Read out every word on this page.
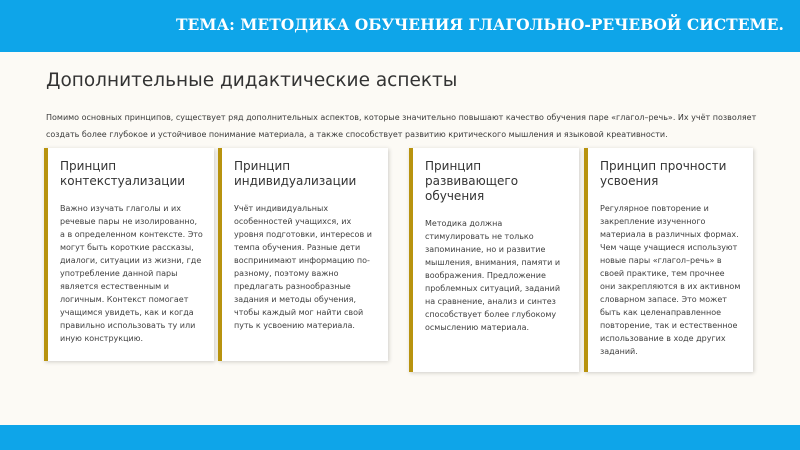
ТЕМА: МЕТОДИКА ОБУЧЕНИЯ ГЛАГОЛЬНО-РЕЧЕВОЙ СИСТЕМЕ.
Дополнительные дидактические аспекты
Помимо основных принципов, существует ряд дополнительных аспектов, которые значительно повышают качество обучения паре «глагол–речь». Их учёт позволяет создать более глубокое и устойчивое понимание материала, а также способствует развитию критического мышления и языковой креативности.
Принцип контекстуализации
Важно изучать глаголы и их речевые пары не изолированно, а в определенном контексте. Это могут быть короткие рассказы, диалоги, ситуации из жизни, где употребление данной пары является естественным и логичным. Контекст помогает учащимся увидеть, как и когда правильно использовать ту или иную конструкцию.
Принцип индивидуализации
Учёт индивидуальных особенностей учащихся, их уровня подготовки, интересов и темпа обучения. Разные дети воспринимают информацию по-разному, поэтому важно предлагать разнообразные задания и методы обучения, чтобы каждый мог найти свой путь к усвоению материала.
Принцип развивающего обучения
Методика должна стимулировать не только запоминание, но и развитие мышления, внимания, памяти и воображения. Предложение проблемных ситуаций, заданий на сравнение, анализ и синтез способствует более глубокому осмыслению материала.
Принцип прочности усвоения
Регулярное повторение и закрепление изученного материала в различных формах. Чем чаще учащиеся используют новые пары «глагол–речь» в своей практике, тем прочнее они закрепляются в их активном словарном запасе. Это может быть как целенаправленное повторение, так и естественное использование в ходе других заданий.
